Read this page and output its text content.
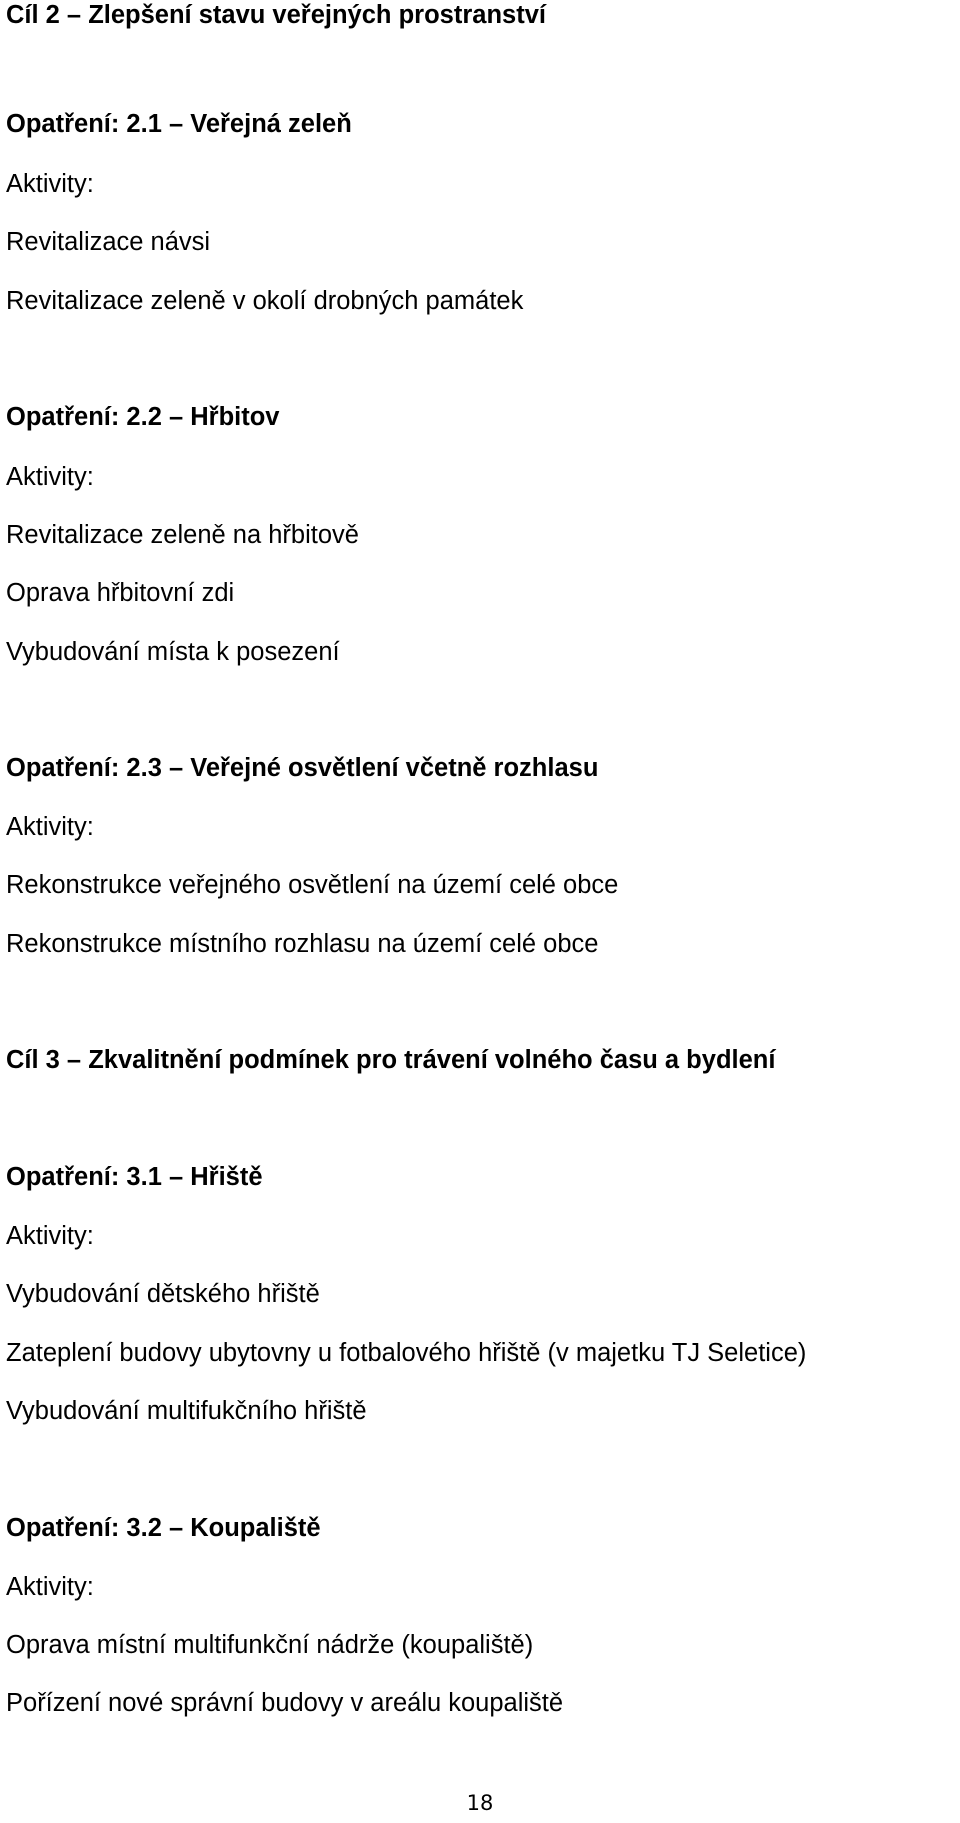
Cíl 2 – Zlepšení stavu veřejných prostranství
Opatření: 2.1 – Veřejná zeleň
Aktivity:
Revitalizace návsi
Revitalizace zeleně v okolí drobných památek
Opatření: 2.2 – Hřbitov
Aktivity:
Revitalizace zeleně na hřbitově
Oprava hřbitovní zdi
Vybudování místa k posezení
Opatření: 2.3 – Veřejné osvětlení včetně rozhlasu
Aktivity:
Rekonstrukce veřejného osvětlení na území celé obce
Rekonstrukce místního rozhlasu na území celé obce
Cíl 3 – Zkvalitnění podmínek pro trávení volného času a bydlení
Opatření: 3.1 – Hřiště
Aktivity:
Vybudování dětského hřiště
Zateplení budovy ubytovny u fotbalového hřiště (v majetku TJ Seletice)
Vybudování multifukčního hřiště
Opatření: 3.2 – Koupaliště
Aktivity:
Oprava místní multifunkční nádrže (koupaliště)
Pořízení nové správní budovy v areálu koupaliště
18
